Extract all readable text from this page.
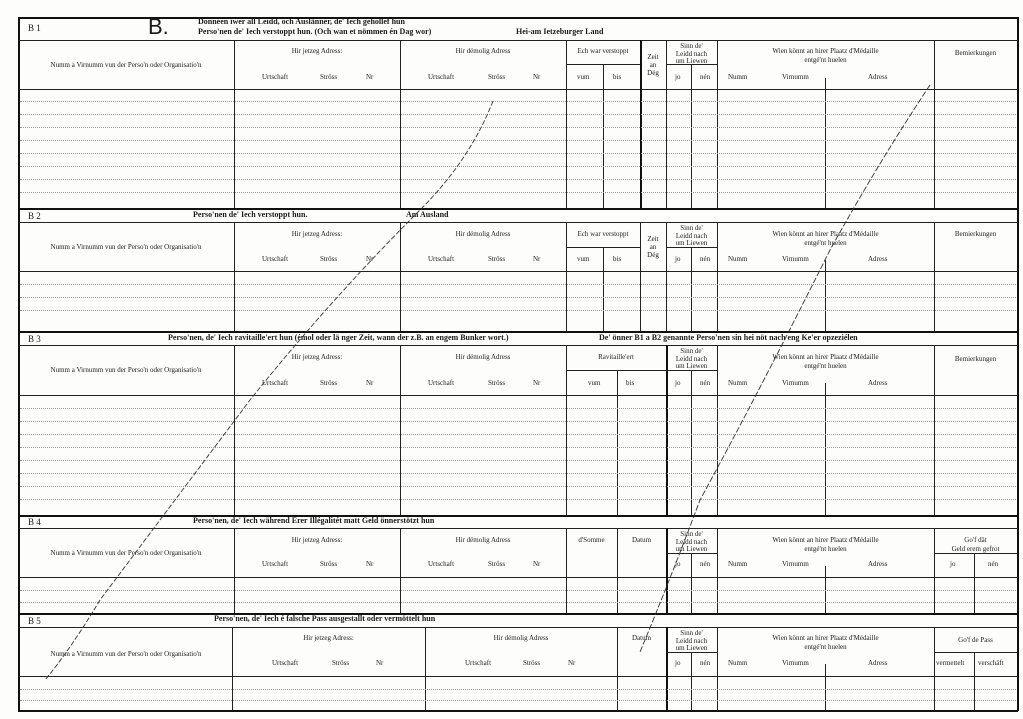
B 1	B.	Donnéen iwer all Leidd, och Auslänner, de' Iech gehollef hun
Perso'nen de' Iech verstoppt hun. (Och wan et nömmen én Dag wor)	Hei-am Ietzeburger Land
Numm a Virnumm vun der Perso'n oder Organisatio'n
Hir jetzeg Adress:
Urtschaft	Ströss	Nr
Hir démolig Adress
Urtschaft	Ströss	Nr
Ech war verstoppt
vum	bis
Zeit
an
Dég
Sinn de'
Leidd nach
um Liewen
jo	nén
Wien könnt an hirer Plaatz d'Médaille
entgé'nt huelen
Numm	Virnumm	Adress
Bemierkungen
B 2	Perso'nen de' Iech verstoppt hun.	Am Ausland
Numm a Virnumm vun der Perso'n oder Organisatio'n
Hir jetzeg Adress:
Urtschaft	Ströss	Nr
Hir démolig Adress
Urtschaft	Ströss	Nr
Ech war verstoppt
vum	bis
Zeit
an
Dég
Sinn de'
Leidd nach
um Liewen
jo	nén
Wien könnt an hirer Plaatz d'Médaille
entgé'nt huelen
Numm	Virnumm	Adress
Bemierkungen
B 3	Perso'nen, de' Iech ravitaille'ert hun (émol oder lä nger Zeit, wann der z.B. an engem Bunker wort.)	De' önner B1 a B2 genannte Perso'nen sin hei nöt nach eng Ke'er opzeziélen
Numm a Virnumm vun der Perso'n oder Organisatio'n
Hir jetzeg Adress:
Urtschaft	Ströss	Nr
Hir démolig Adress
Urtschaft	Ströss	Nr
Ravitaille'ert
vum	bis
Sinn de'
Leidd nach
um Liewen
jo	nén
Wien könnt an hirer Plaatz d'Médaille
entgé'nt huelen
Numm	Virnumm	Adress
Bemierkungen
B 4	Perso'nen, de' Iech während Erer Illégalitét matt Geld önnerstötzt hun
Numm a Virnumm vun der Perso'n oder Organisatio'n
Hir jetzeg Adress:
Urtschaft	Ströss	Nr
Hir démolig Adress
Urtschaft	Ströss	Nr
d'Somme	Datum
Sinn de'
Leidd nach
um Liewen
jo	nén
Wien könnt an hirer Plaatz d'Médaille
entgé'nt huelen
Numm	Virnumm	Adress
Go'f dät
Geld erem gefrot
jo	nén
B 5	Perso'nen, de' Iech é falsche Pass ausgestallt oder vermöttelt hun
Numm a Virnumm vun der Perso'n oder Organisatio'n
Hir jetzeg Adress:
Urtschaft	Ströss	Nr
Hir démolig Adress
Urtschaft	Ströss	Nr
Datum
Sinn de'
Leidd nach
um Liewen
jo	nén
Wien könnt an hirer Plaatz d'Médaille
entgé'nt huelen
Numm	Virnumm	Adress
Go'f de Pass
vermettelt verschäft
